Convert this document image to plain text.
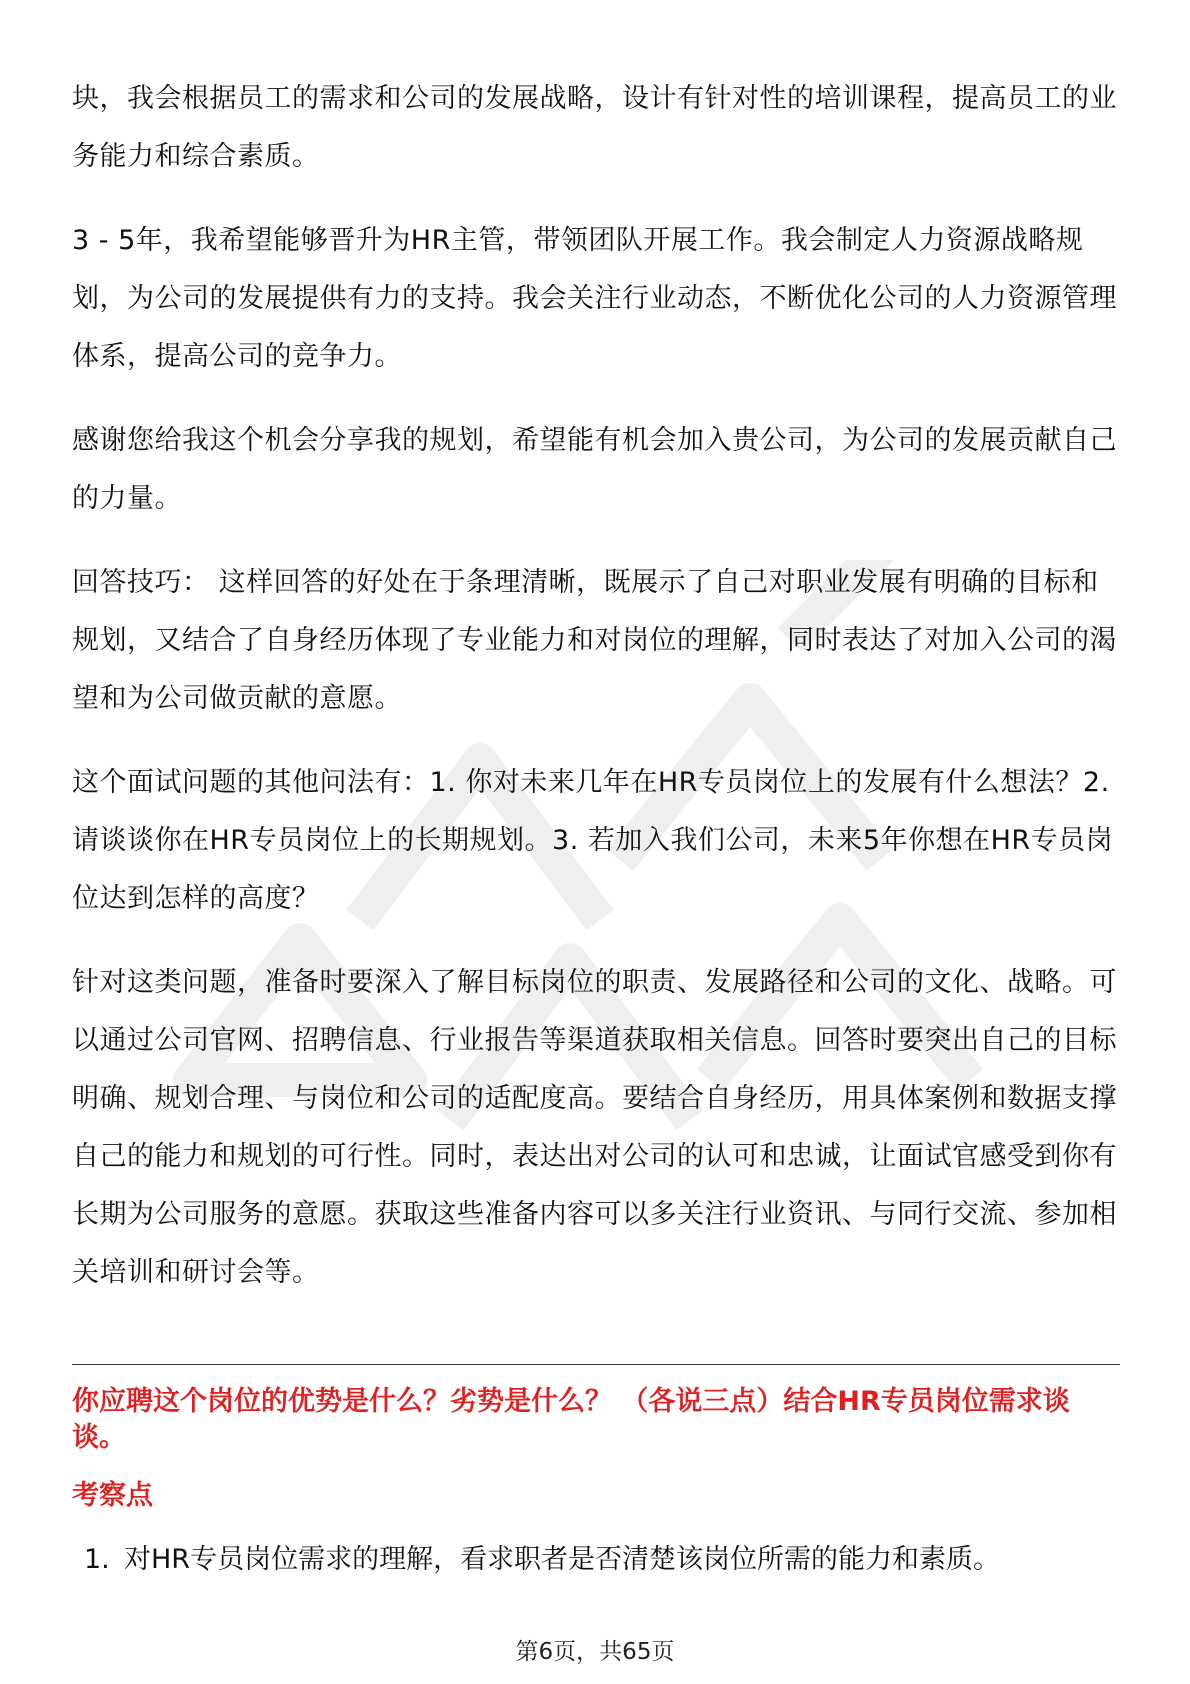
块，我会根据员工的需求和公司的发展战略，设计有针对性的培训课程，提高员工的业务能力和综合素质。

3 - 5年，我希望能够晋升为HR主管，带领团队开展工作。我会制定人力资源战略规划，为公司的发展提供有力的支持。我会关注行业动态，不断优化公司的人力资源管理体系，提高公司的竞争力。

感谢您给我这个机会分享我的规划，希望能有机会加入贵公司，为公司的发展贡献自己的力量。

回答技巧： 这样回答的好处在于条理清晰，既展示了自己对职业发展有明确的目标和规划，又结合了自身经历体现了专业能力和对岗位的理解，同时表达了对加入公司的渴望和为公司做贡献的意愿。

这个面试问题的其他问法有：1. 你对未来几年在HR专员岗位上的发展有什么想法？2. 请谈谈你在HR专员岗位上的长期规划。3. 若加入我们公司，未来5年你想在HR专员岗位达到怎样的高度？

针对这类问题，准备时要深入了解目标岗位的职责、发展路径和公司的文化、战略。可以通过公司官网、招聘信息、行业报告等渠道获取相关信息。回答时要突出自己的目标明确、规划合理、与岗位和公司的适配度高。要结合自身经历，用具体案例和数据支撑自己的能力和规划的可行性。同时，表达出对公司的认可和忠诚，让面试官感受到你有长期为公司服务的意愿。获取这些准备内容可以多关注行业资讯、与同行交流、参加相关培训和研讨会等。

你应聘这个岗位的优势是什么？劣势是什么？ （各说三点）结合HR专员岗位需求谈谈。
考察点
1. 对HR专员岗位需求的理解，看求职者是否清楚该岗位所需的能力和素质。
第6页，共65页
